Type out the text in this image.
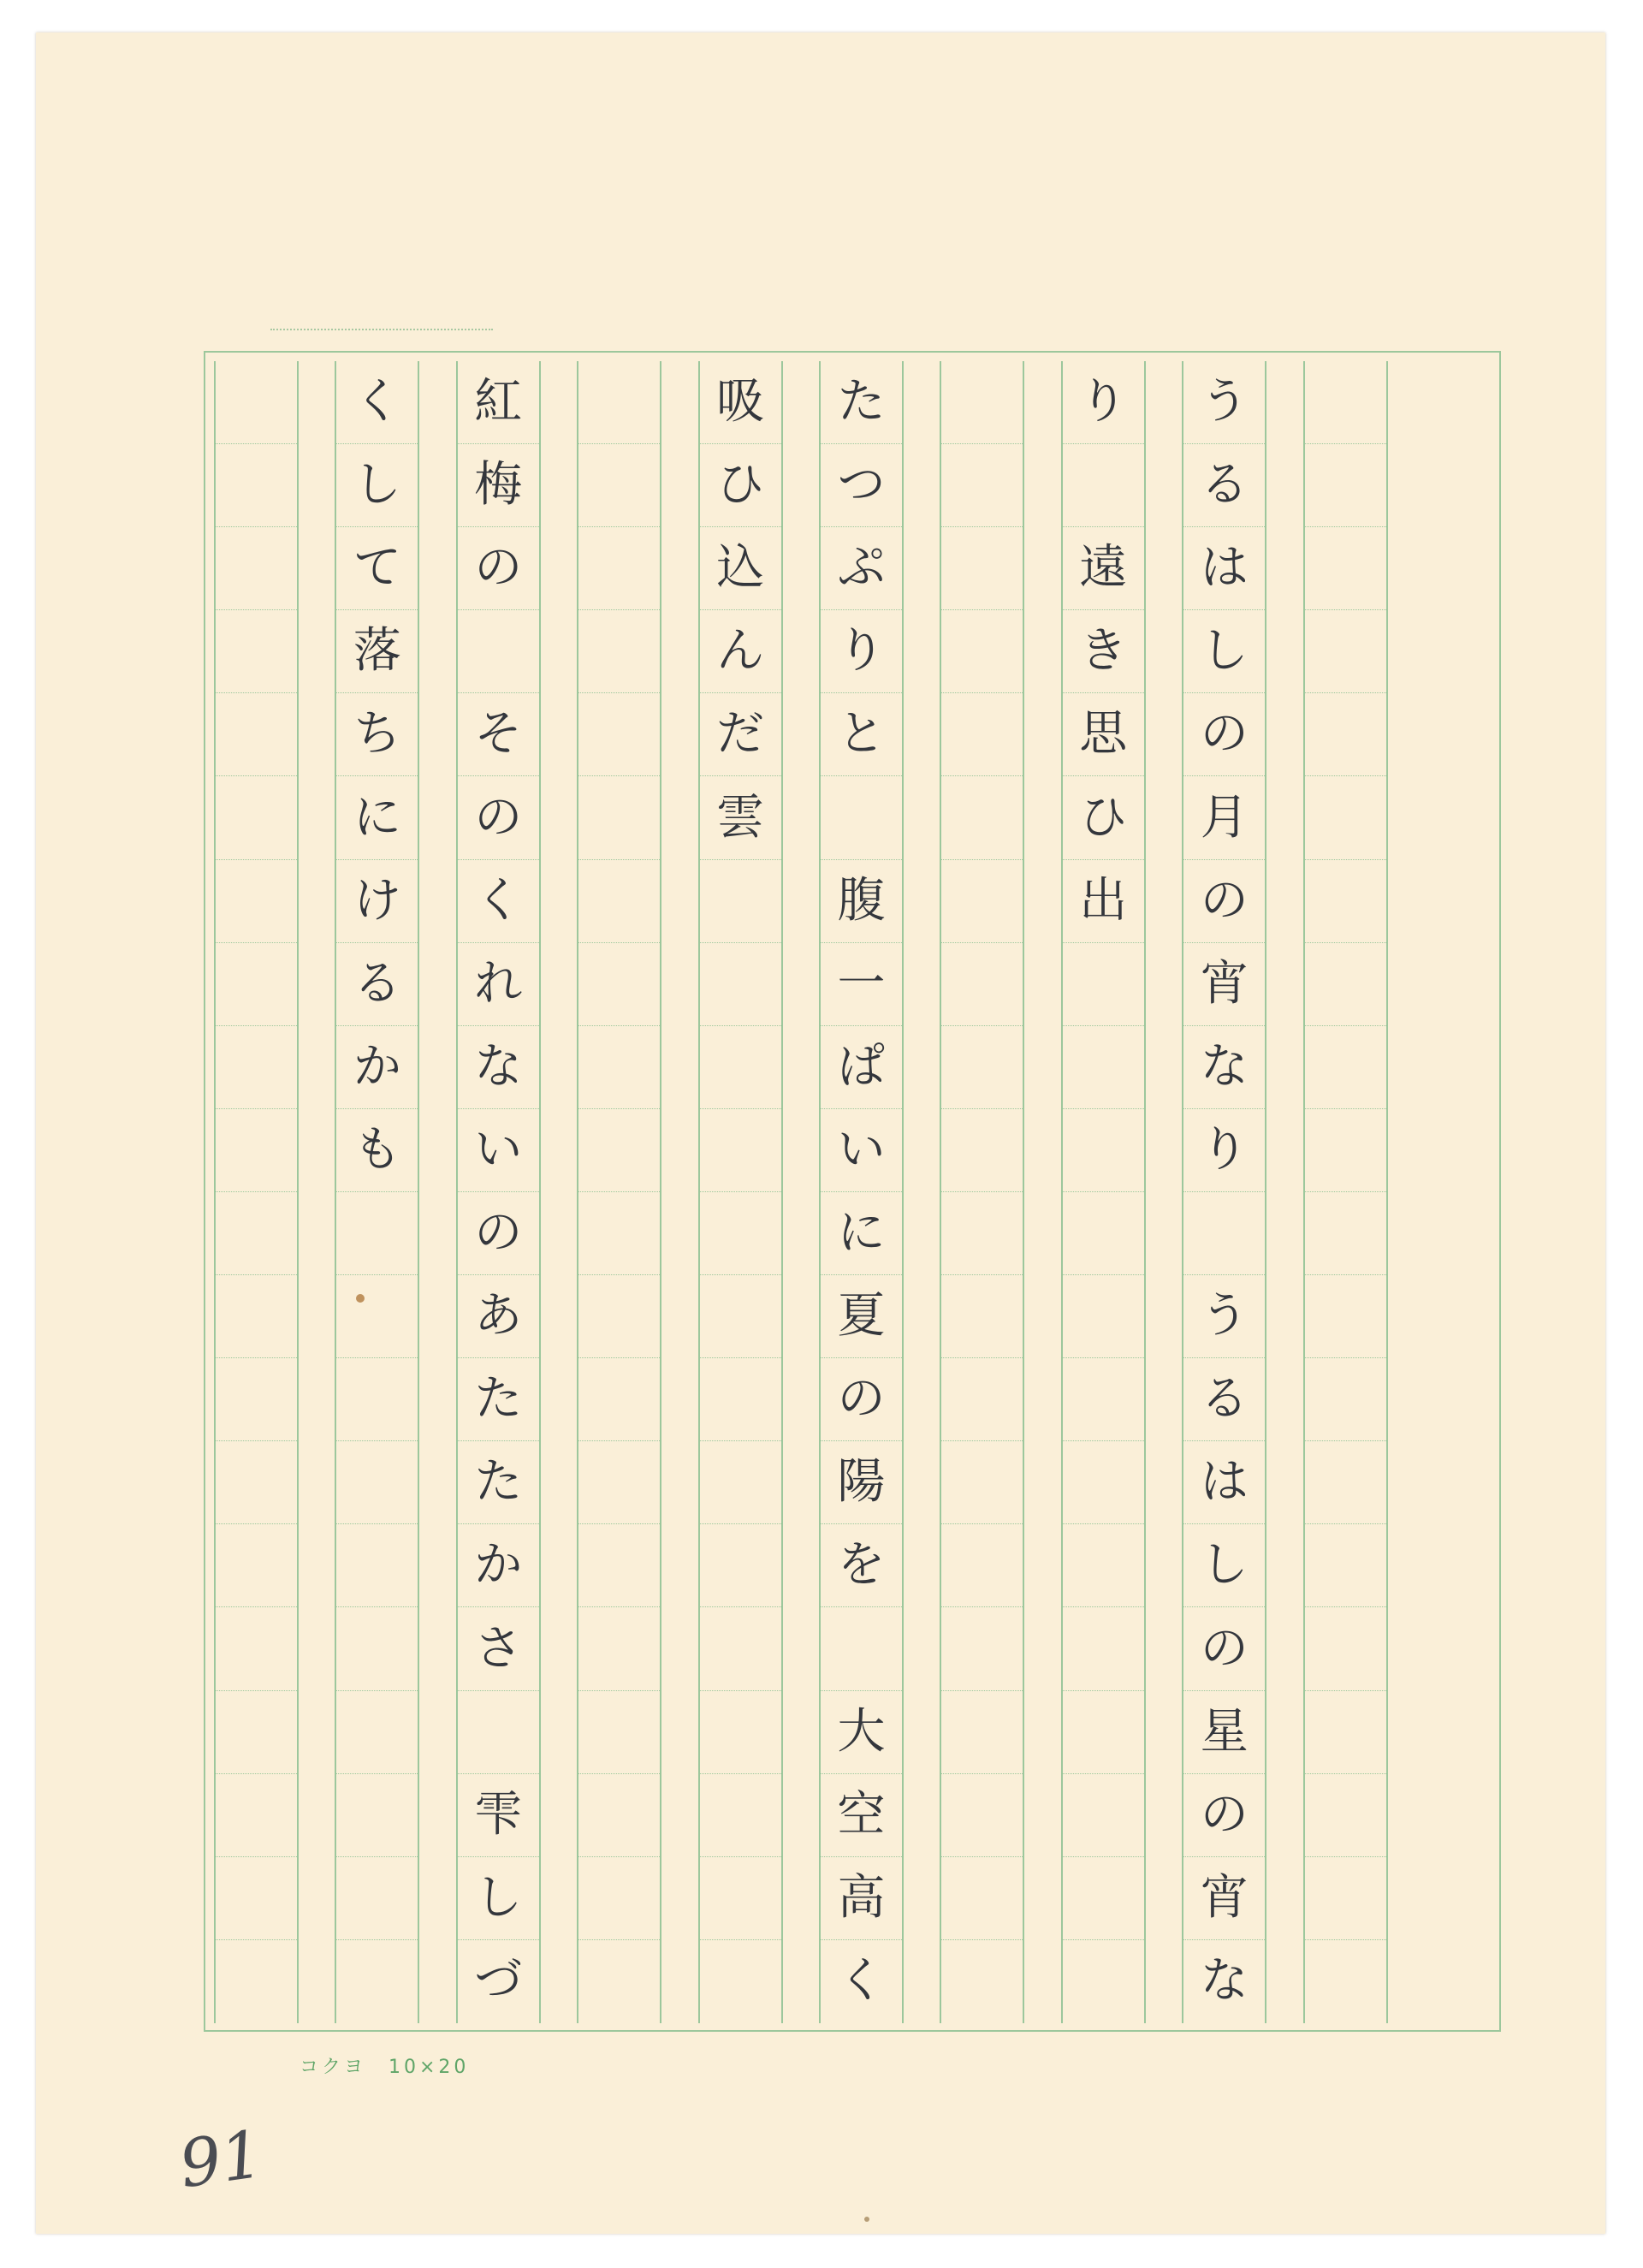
う
る
は
し
の
月
の
宵
な
り
う
る
は
し
の
星
の
宵
な
り
遠
き
思
ひ
出
た
つ
ぷ
り
と
腹
一
ぱ
い
に
夏
の
陽
を
大
空
高
く
吸
ひ
込
ん
だ
雲
紅
梅
の
そ
の
く
れ
な
い
の
あ
た
た
か
さ
雫
し
づ
く
し
て
落
ち
に
け
る
か
も
コクヨ　10×20
91
